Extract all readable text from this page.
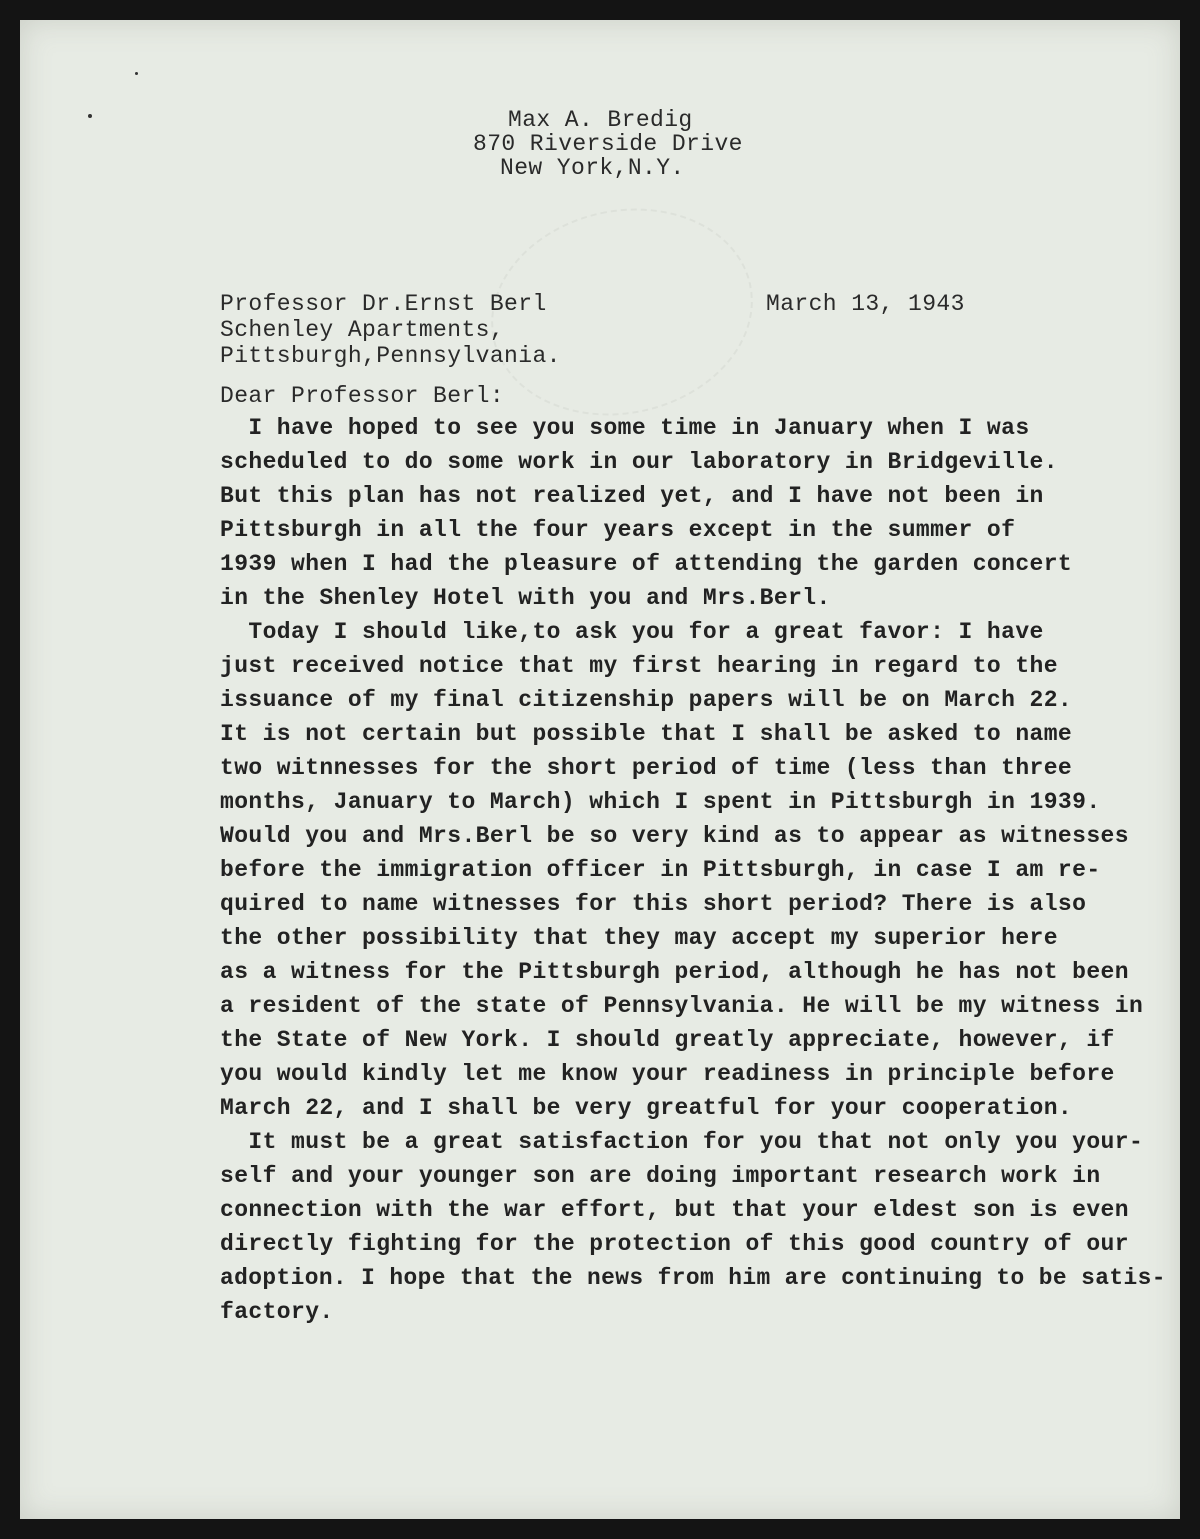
Max A. Bredig
870 Riverside Drive
New York,N.Y.
Professor Dr.Ernst Berl
Schenley Apartments,
Pittsburgh,Pennsylvania.
March 13, 1943
Dear Professor Berl:
I have hoped to see you some time in January when I was
scheduled to do some work in our laboratory in Bridgeville.
But this plan has not realized yet, and I have not been in
Pittsburgh in all the four years except in the summer of
1939 when I had the pleasure of attending the garden concert
in the Shenley Hotel with you and Mrs.Berl.
Today I should like,to ask you for a great favor: I have
just received notice that my first hearing in regard to the
issuance of my final citizenship papers will be on March 22.
It is not certain but possible that I shall be asked to name
two witnnesses for the short period of time (less than three
months, January to March) which I spent in Pittsburgh in 1939.
Would you and Mrs.Berl be so very kind as to appear as witnesses
before the immigration officer in Pittsburgh, in case I am re-
quired to name witnesses for this short period? There is also
the other possibility that they may accept my superior here
as a witness for the Pittsburgh period, although he has not been
a resident of the state of Pennsylvania. He will be my witness in
the State of New York. I should greatly appreciate, however, if
you would kindly let me know your readiness in principle before
March 22, and I shall be very greatful for your cooperation.
It must be a great satisfaction for you that not only you your-
self and your younger son are doing important research work in
connection with the war effort, but that your eldest son is even
directly fighting for the protection of this good country of our
adoption. I hope that the news from him are continuing to be satis-
factory.
